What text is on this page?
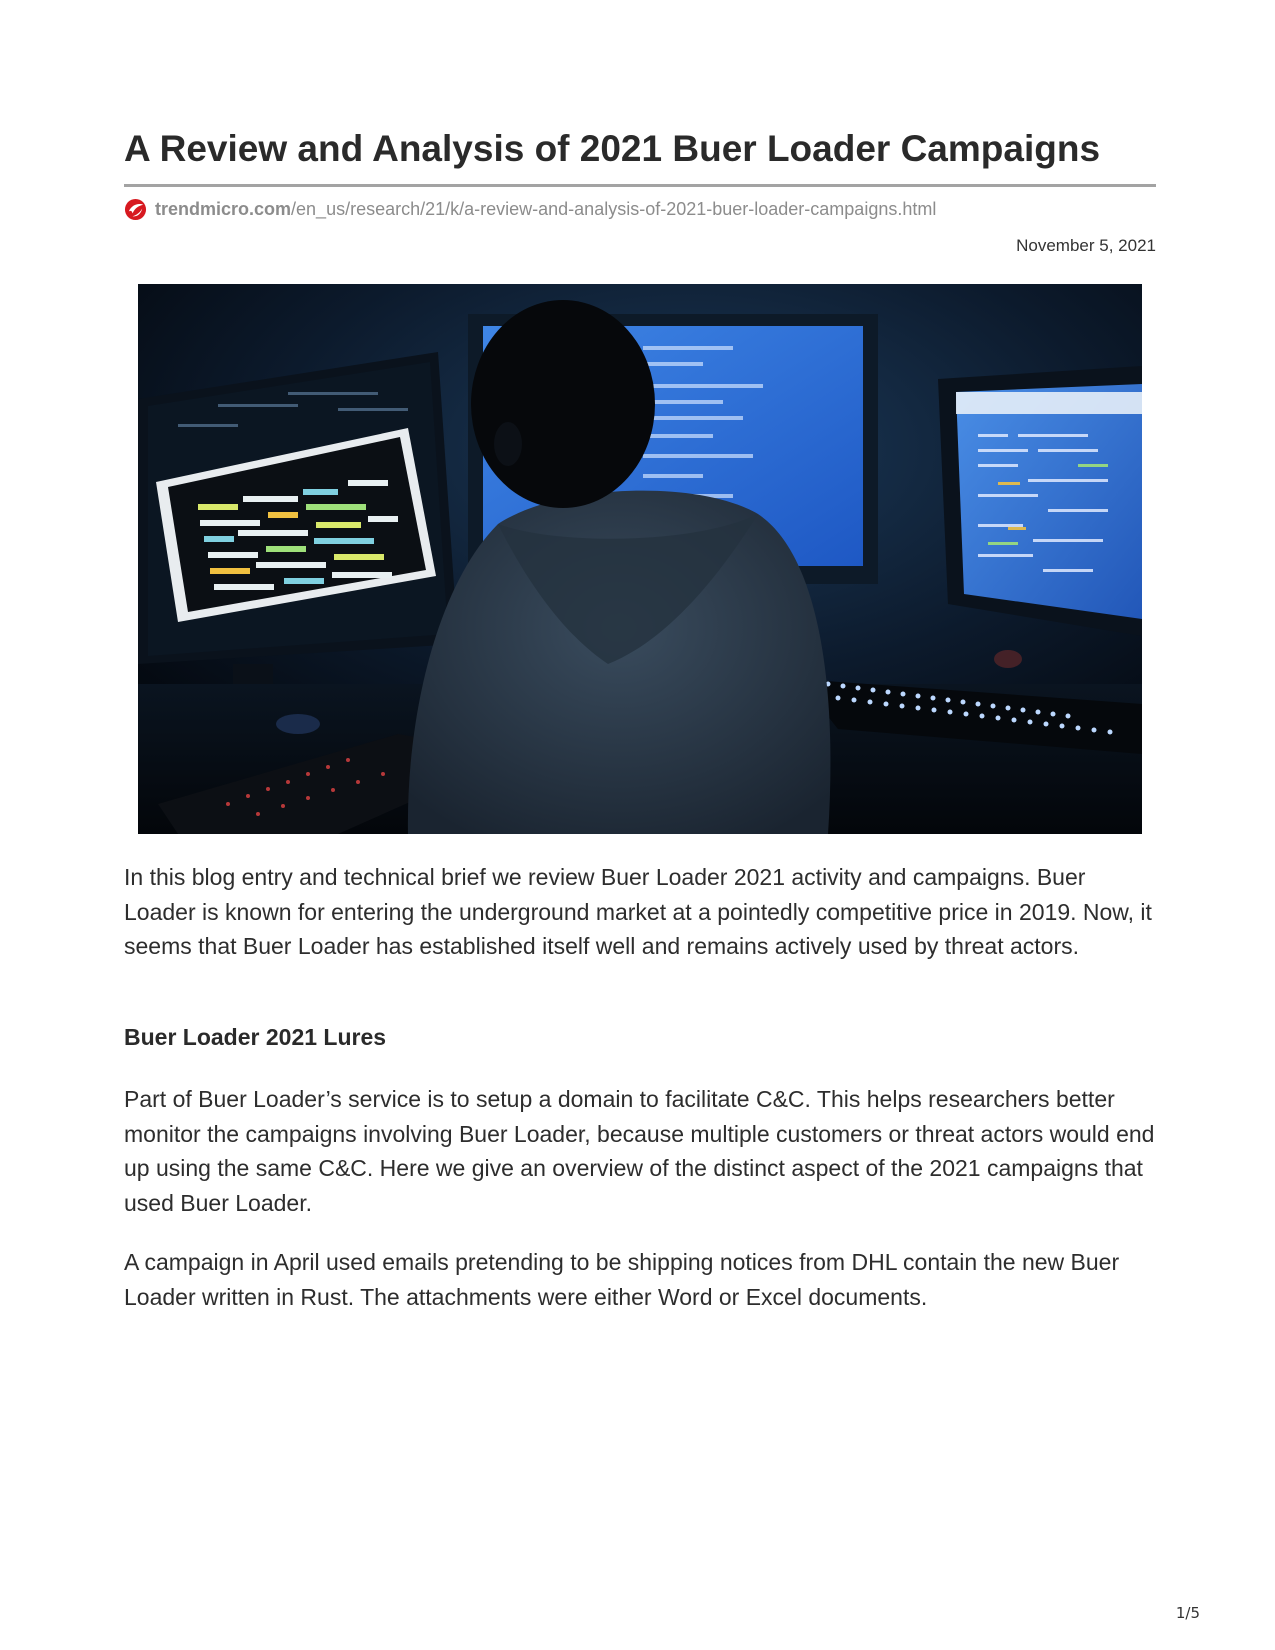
A Review and Analysis of 2021 Buer Loader Campaigns
trendmicro.com/en_us/research/21/k/a-review-and-analysis-of-2021-buer-loader-campaigns.html
November 5, 2021

In this blog entry and technical brief we review Buer Loader 2021 activity and campaigns. Buer Loader is known for entering the underground market at a pointedly competitive price in 2019. Now, it seems that Buer Loader has established itself well and remains actively used by threat actors.

Buer Loader 2021 Lures

Part of Buer Loader’s service is to setup a domain to facilitate C&C. This helps researchers better monitor the campaigns involving Buer Loader, because multiple customers or threat actors would end up using the same C&C. Here we give an overview of the distinct aspect of the 2021 campaigns that used Buer Loader.

A campaign in April used emails pretending to be shipping notices from DHL contain the new Buer Loader written in Rust. The attachments were either Word or Excel documents.

1/5
